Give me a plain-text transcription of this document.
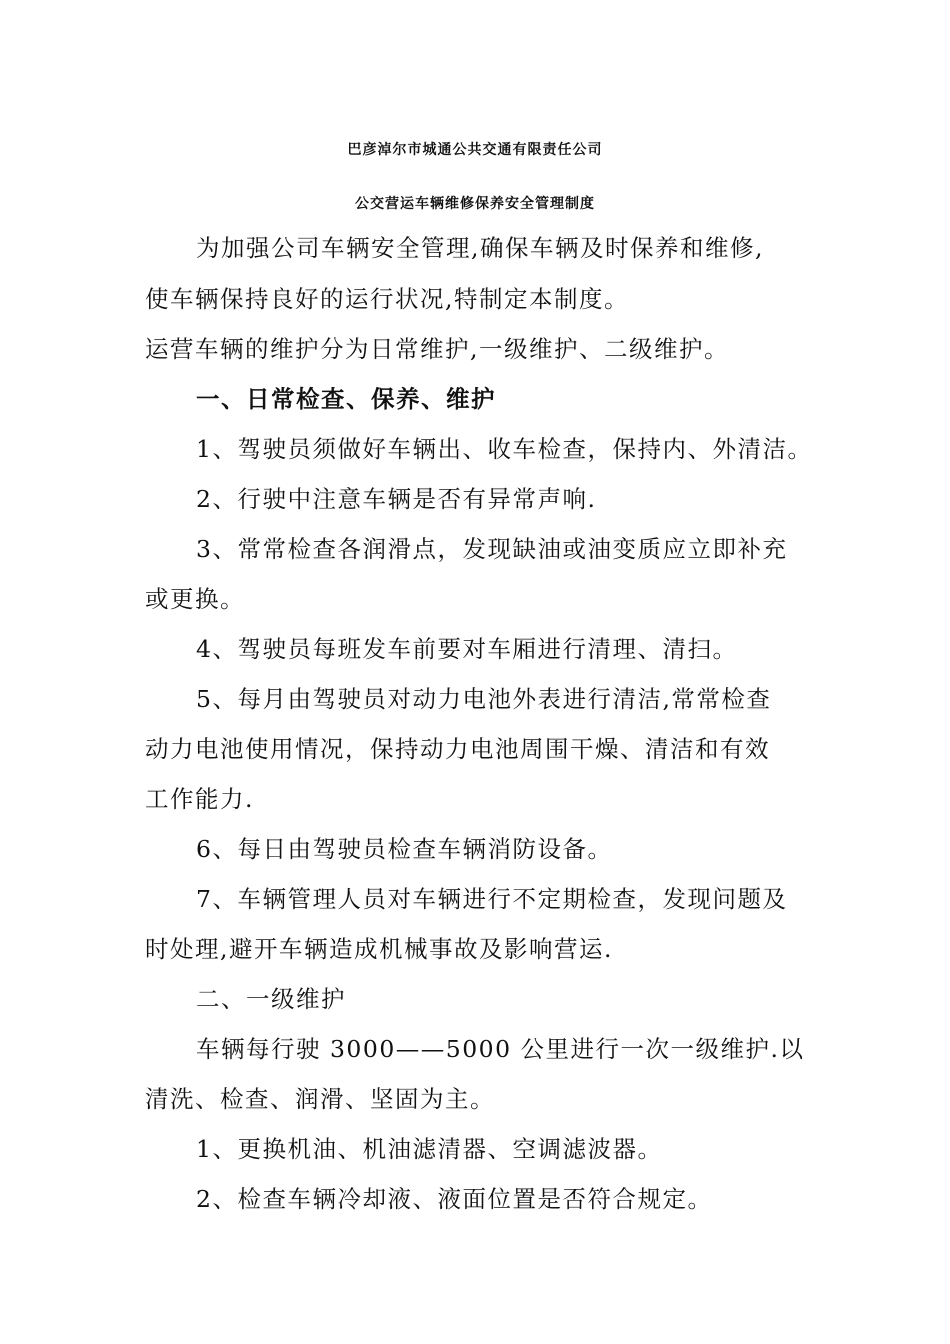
巴彦淖尔市城通公共交通有限责任公司
公交营运车辆维修保养安全管理制度
为加强公司车辆安全管理,确保车辆及时保养和维修,
使车辆保持良好的运行状况,特制定本制度。
运营车辆的维护分为日常维护,一级维护、二级维护。
一、日常检查、保养、维护
1、驾驶员须做好车辆出、收车检查，保持内、外清洁。
2、行驶中注意车辆是否有异常声响.
3、常常检查各润滑点，发现缺油或油变质应立即补充
或更换。
4、驾驶员每班发车前要对车厢进行清理、清扫。
5、每月由驾驶员对动力电池外表进行清洁,常常检查
动力电池使用情况，保持动力电池周围干燥、清洁和有效
工作能力.
6、每日由驾驶员检查车辆消防设备。
7、车辆管理人员对车辆进行不定期检查，发现问题及
时处理,避开车辆造成机械事故及影响营运.
二、一级维护
车辆每行驶 3000——5000 公里进行一次一级维护.以
清洗、检查、润滑、坚固为主。
1、更换机油、机油滤清器、空调滤波器。
2、检查车辆冷却液、液面位置是否符合规定。
